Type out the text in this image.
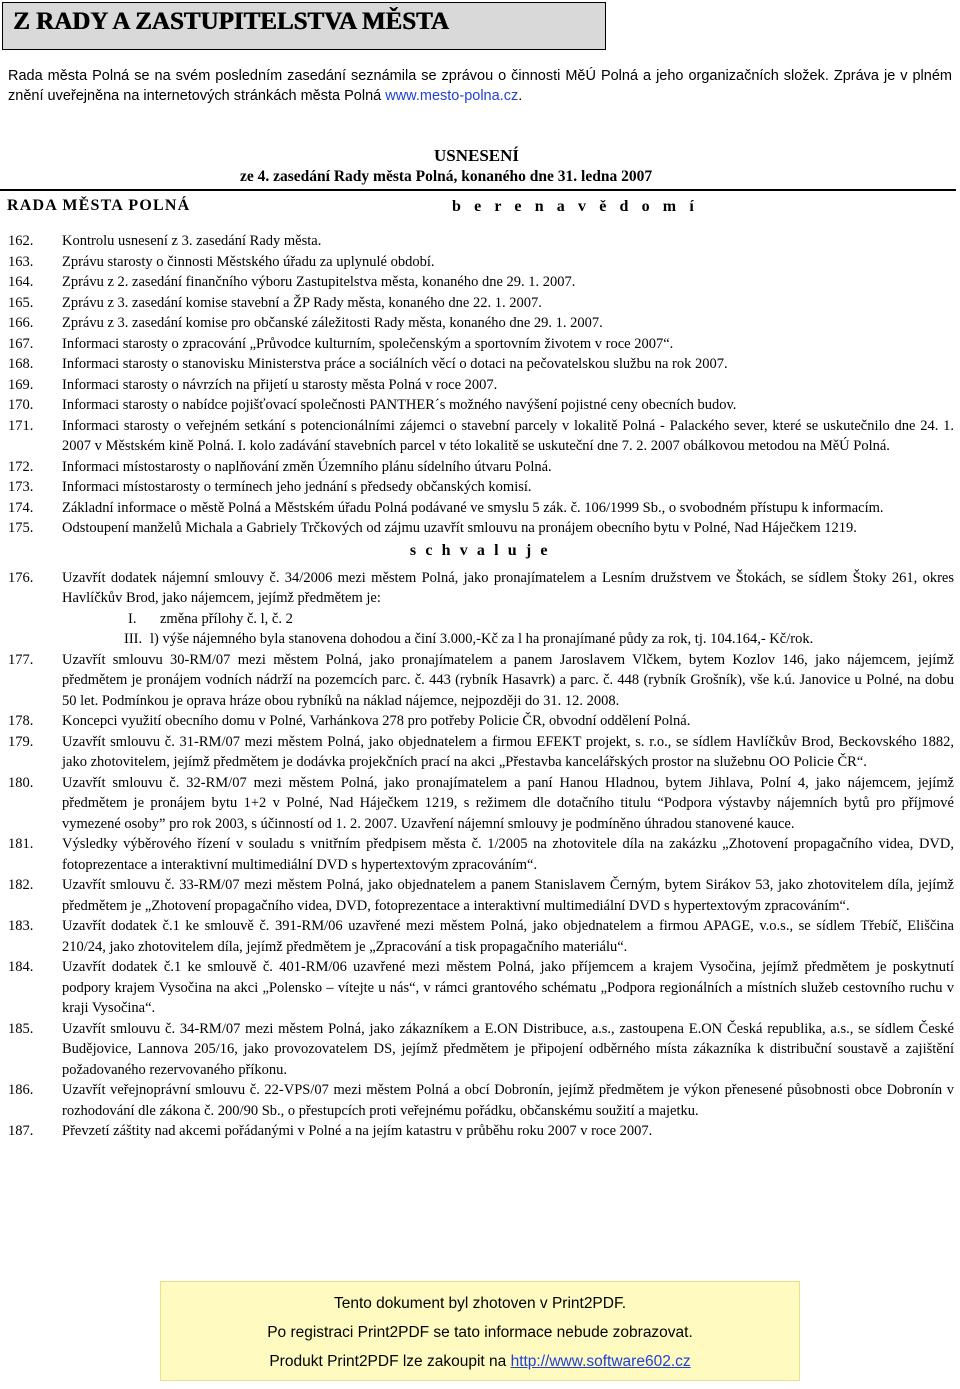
Z RADY A ZASTUPITELSTVA MĚSTA
Rada města Polná se na svém posledním zasedání seznámila se zprávou o činnosti MěÚ Polná a jeho organizačních složek. Zpráva je v plném znění uveřejněna na internetových stránkách města Polná www.mesto-polna.cz.
USNESENÍ
ze 4. zasedání Rady města Polná, konaného dne 31. ledna 2007
RADA MĚSTA POLNÁ	b e r e n a v ě d o m í
162. Kontrolu usnesení z 3. zasedání Rady města.
163. Zprávu starosty o činnosti Městského úřadu za uplynulé období.
164. Zprávu z 2. zasedání finančního výboru Zastupitelstva města, konaného dne 29. 1. 2007.
165. Zprávu z 3. zasedání komise stavební a ŽP Rady města, konaného dne 22. 1. 2007.
166. Zprávu z 3. zasedání komise pro občanské záležitosti Rady města, konaného dne 29. 1. 2007.
167. Informaci starosty o zpracování „Průvodce kulturním, společenským a sportovním životem v roce 2007“.
168. Informaci starosty o stanovisku Ministerstva práce a sociálních věcí o dotaci na pečovatelskou službu na rok 2007.
169. Informaci starosty o návrzích na přijetí u starosty města Polná v roce 2007.
170. Informaci starosty o nabídce pojišťovací společnosti PANTHER´s možného navýšení pojistné ceny obecních budov.
171. Informaci starosty o veřejném setkání s potencionálními zájemci o stavební parcely v lokalitě Polná - Palackého sever, které se uskutečnilo dne 24. 1. 2007 v Městském kině Polná. I. kolo zadávání stavebních parcel v této lokalitě se uskuteční dne 7. 2. 2007 obálkovou metodou na MěÚ Polná.
172. Informaci místostarosty o naplňování změn Územního plánu sídelního útvaru Polná.
173. Informaci místostarosty o termínech jeho jednání s předsedy občanských komisí.
174. Základní informace o městě Polná a Městském úřadu Polná podávané ve smyslu 5 zák. č. 106/1999 Sb., o svobodném přístupu k informacím.
175. Odstoupení manželů Michala a Gabriely Trčkových od zájmu uzavřít smlouvu na pronájem obecního bytu v Polné, Nad Háječkem 1219.
s c h v a l u j e
176. Uzavřít dodatek nájemní smlouvy č. 34/2006 mezi městem Polná, jako pronajímatelem a Lesním družstvem ve Štokách, se sídlem Štoky 261, okres Havlíčkův Brod, jako nájemcem, jejímž předmětem je:
I. změna přílohy č. l, č. 2
III. l) výše nájemného byla stanovena dohodou a činí 3.000,-Kč za l ha pronajímané půdy za rok, tj. 104.164,- Kč/rok.
177. Uzavřít smlouvu 30-RM/07 mezi městem Polná, jako pronajímatelem a panem Jaroslavem Vlčkem, bytem Kozlov 146, jako nájemcem, jejímž předmětem je pronájem vodních nádrží na pozemcích parc. č. 443 (rybník Hasavrk) a parc. č. 448 (rybník Grošník), vše k.ú. Janovice u Polné, na dobu 50 let. Podmínkou je oprava hráze obou rybníků na náklad nájemce, nejpozději do 31. 12. 2008.
178. Koncepci využití obecního domu v Polné, Varhánkova 278 pro potřeby Policie ČR, obvodní oddělení Polná.
179. Uzavřít smlouvu č. 31-RM/07 mezi městem Polná, jako objednatelem a firmou EFEKT projekt, s. r.o., se sídlem Havlíčkův Brod, Beckovského 1882, jako zhotovitelem, jejímž předmětem je dodávka projekčních prací na akci „Přestavba kancelářských prostor na služebnu OO Policie ČR“.
180. Uzavřít smlouvu č. 32-RM/07 mezi městem Polná, jako pronajímatelem a paní Hanou Hladnou, bytem Jihlava, Polní 4, jako nájemcem, jejímž předmětem je pronájem bytu 1+2 v Polné, Nad Háječkem 1219, s režimem dle dotačního titulu “Podpora výstavby nájemních bytů pro příjmové vymezené osoby” pro rok 2003, s účinností od 1. 2. 2007. Uzavření nájemní smlouvy je podmíněno úhradou stanovené kauce.
181. Výsledky výběrového řízení v souladu s vnitřním předpisem města č. 1/2005 na zhotovitele díla na zakázku „Zhotovení propagačního videa, DVD, fotoprezentace a interaktivní multimediální DVD s hypertextovým zpracováním“.
182. Uzavřít smlouvu č. 33-RM/07 mezi městem Polná, jako objednatelem a panem Stanislavem Černým, bytem Sirákov 53, jako zhotovitelem díla, jejímž předmětem je „Zhotovení propagačního videa, DVD, fotoprezentace a interaktivní multimediální DVD s hypertextovým zpracováním“.
183. Uzavřít dodatek č.1 ke smlouvě č. 391-RM/06 uzavřené mezi městem Polná, jako objednatelem a firmou APAGE, v.o.s., se sídlem Třebíč, Eliščina 210/24, jako zhotovitelem díla, jejímž předmětem je „Zpracování a tisk propagačního materiálu“.
184. Uzavřít dodatek č.1 ke smlouvě č. 401-RM/06 uzavřené mezi městem Polná, jako příjemcem a krajem Vysočina, jejímž předmětem je poskytnutí podpory krajem Vysočina na akci „Polensko – vítejte u nás“, v rámci grantového schématu „Podpora regionálních a místních služeb cestovního ruchu v kraji Vysočina“.
185. Uzavřít smlouvu č. 34-RM/07 mezi městem Polná, jako zákazníkem a E.ON Distribuce, a.s., zastoupena E.ON Česká republika, a.s., se sídlem České Budějovice, Lannova 205/16, jako provozovatelem DS, jejímž předmětem je připojení odběrného místa zákazníka k distribuční soustavě a zajištění požadovaného rezervovaného příkonu.
186. Uzavřít veřejnoprávní smlouvu č. 22-VPS/07 mezi městem Polná a obcí Dobronín, jejímž předmětem je výkon přenesené působnosti obce Dobronín v rozhodování dle zákona č. 200/90 Sb., o přestupcích proti veřejnému pořádku, občanskému soužití a majetku.
187. Převzetí záštity nad akcemi pořádanými v Polné a na jejím katastru v průběhu roku 2007 v roce 2007.
Tento dokument byl zhotoven v Print2PDF.
Po registraci Print2PDF se tato informace nebude zobrazovat.
Produkt Print2PDF lze zakoupit na http://www.software602.cz
